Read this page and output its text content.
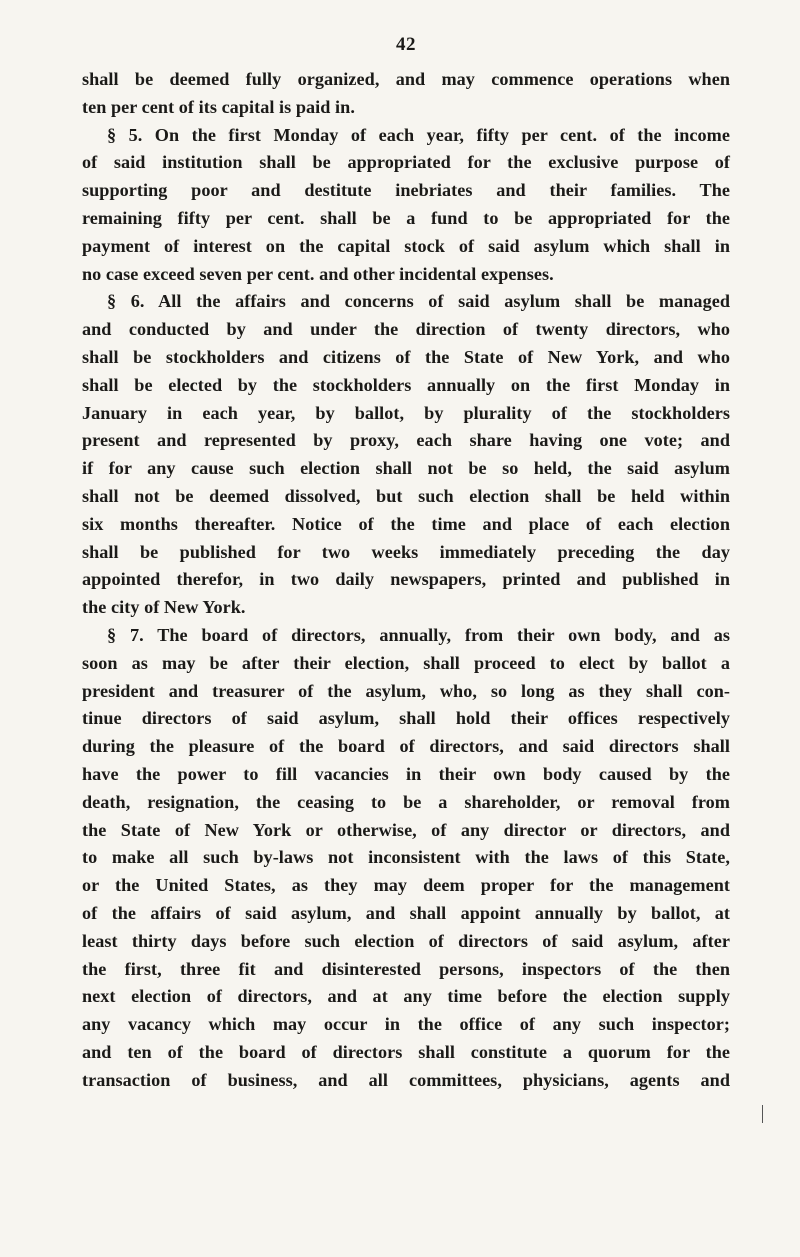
42
shall be deemed fully organized, and may commence operations when
ten per cent of its capital is paid in.
§ 5. On the first Monday of each year, fifty per cent. of the income
of said institution shall be appropriated for the exclusive purpose of
supporting poor and destitute inebriates and their families. The
remaining fifty per cent. shall be a fund to be appropriated for the
payment of interest on the capital stock of said asylum which shall in
no case exceed seven per cent. and other incidental expenses.
§ 6. All the affairs and concerns of said asylum shall be managed
and conducted by and under the direction of twenty directors, who
shall be stockholders and citizens of the State of New York, and who
shall be elected by the stockholders annually on the first Monday in
January in each year, by ballot, by plurality of the stockholders
present and represented by proxy, each share having one vote; and
if for any cause such election shall not be so held, the said asylum
shall not be deemed dissolved, but such election shall be held within
six months thereafter. Notice of the time and place of each election
shall be published for two weeks immediately preceding the day
appointed therefor, in two daily newspapers, printed and published in
the city of New York.
§ 7. The board of directors, annually, from their own body, and as
soon as may be after their election, shall proceed to elect by ballot a
president and treasurer of the asylum, who, so long as they shall con-
tinue directors of said asylum, shall hold their offices respectively
during the pleasure of the board of directors, and said directors shall
have the power to fill vacancies in their own body caused by the
death, resignation, the ceasing to be a shareholder, or removal from
the State of New York or otherwise, of any director or directors, and
to make all such by-laws not inconsistent with the laws of this State,
or the United States, as they may deem proper for the management
of the affairs of said asylum, and shall appoint annually by ballot, at
least thirty days before such election of directors of said asylum, after
the first, three fit and disinterested persons, inspectors of the then
next election of directors, and at any time before the election supply
any vacancy which may occur in the office of any such inspector;
and ten of the board of directors shall constitute a quorum for the
transaction of business, and all committees, physicians, agents and
